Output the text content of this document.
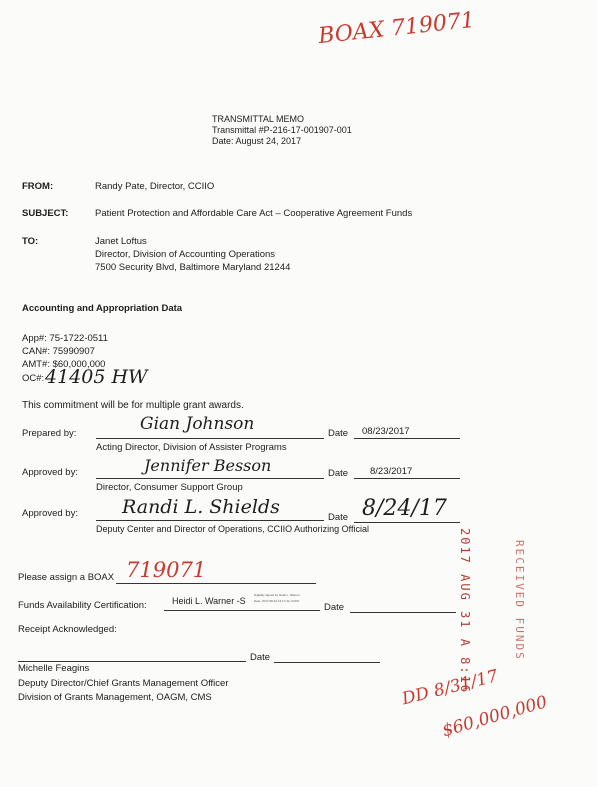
BOAX 719071
TRANSMITTAL MEMO
Transmittal #P-216-17-001907-001
Date: August 24, 2017
FROM:	Randy Pate, Director, CCIIO
SUBJECT:	Patient Protection and Affordable Care Act – Cooperative Agreement Funds
TO:	Janet Loftus
Director, Division of Accounting Operations
7500 Security Blvd, Baltimore Maryland 21244
Accounting and Appropriation Data
App#: 75-1722-0511
CAN#: 75990907
AMT#: $60,000,000
OC#: 41405 HW
This commitment will be for multiple grant awards.
Prepared by:	Gian Johnson
Acting Director, Division of Assister Programs
Date 08/23/2017
Approved by:	Jennifer Besson
Director, Consumer Support Group
Date 8/23/2017
Approved by: Randi L. Shields
Deputy Center and Director of Operations, CCIIO Authorizing Official
Date 8/24/17
Please assign a BOAX 719071
Funds Availability Certification:	Heidi L. Warner -S
Digitally signed by Heidi L. Warner
Date: 2017.08.24 13:17:42 -04'00'
Date
Receipt Acknowledged:
Date
Michelle Feagins
Deputy Director/Chief Grants Management Officer
Division of Grants Management, OAGM, CMS
2017 AUG 31 A 8:16	RECEIVED FUNDS
DD 8/31/17
$60,000,000
